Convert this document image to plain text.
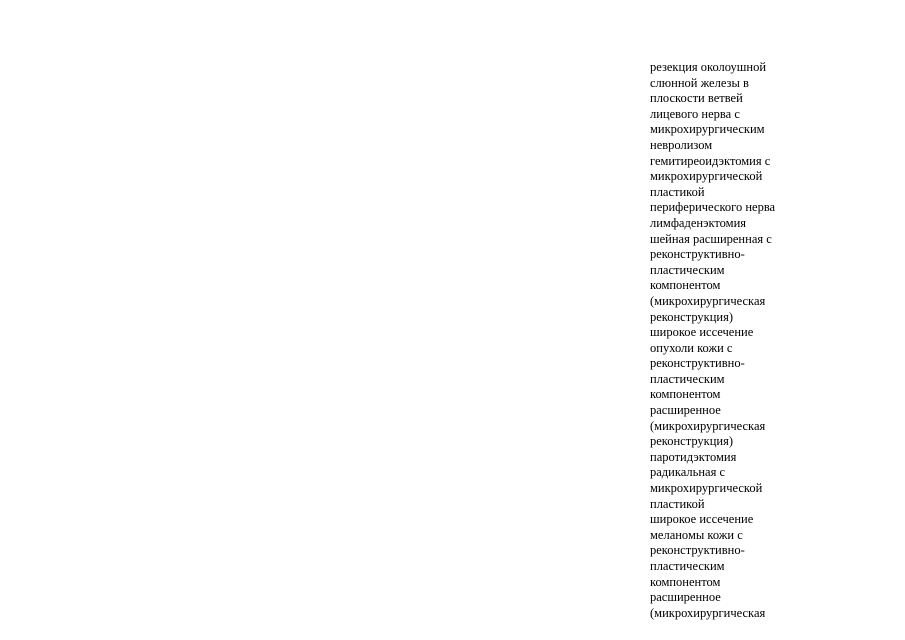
резекция околоушной
слюнной железы в
плоскости ветвей
лицевого нерва с
микрохирургическим
невролизом
гемитиреоидэктомия с
микрохирургической
пластикой
периферического нерва
лимфаденэктомия
шейная расширенная с
реконструктивно-
пластическим
компонентом
(микрохирургическая
реконструкция)
широкое иссечение
опухоли кожи с
реконструктивно-
пластическим
компонентом
расширенное
(микрохирургическая
реконструкция)
паротидэктомия
радикальная с
микрохирургической
пластикой
широкое иссечение
меланомы кожи с
реконструктивно-
пластическим
компонентом
расширенное
(микрохирургическая
